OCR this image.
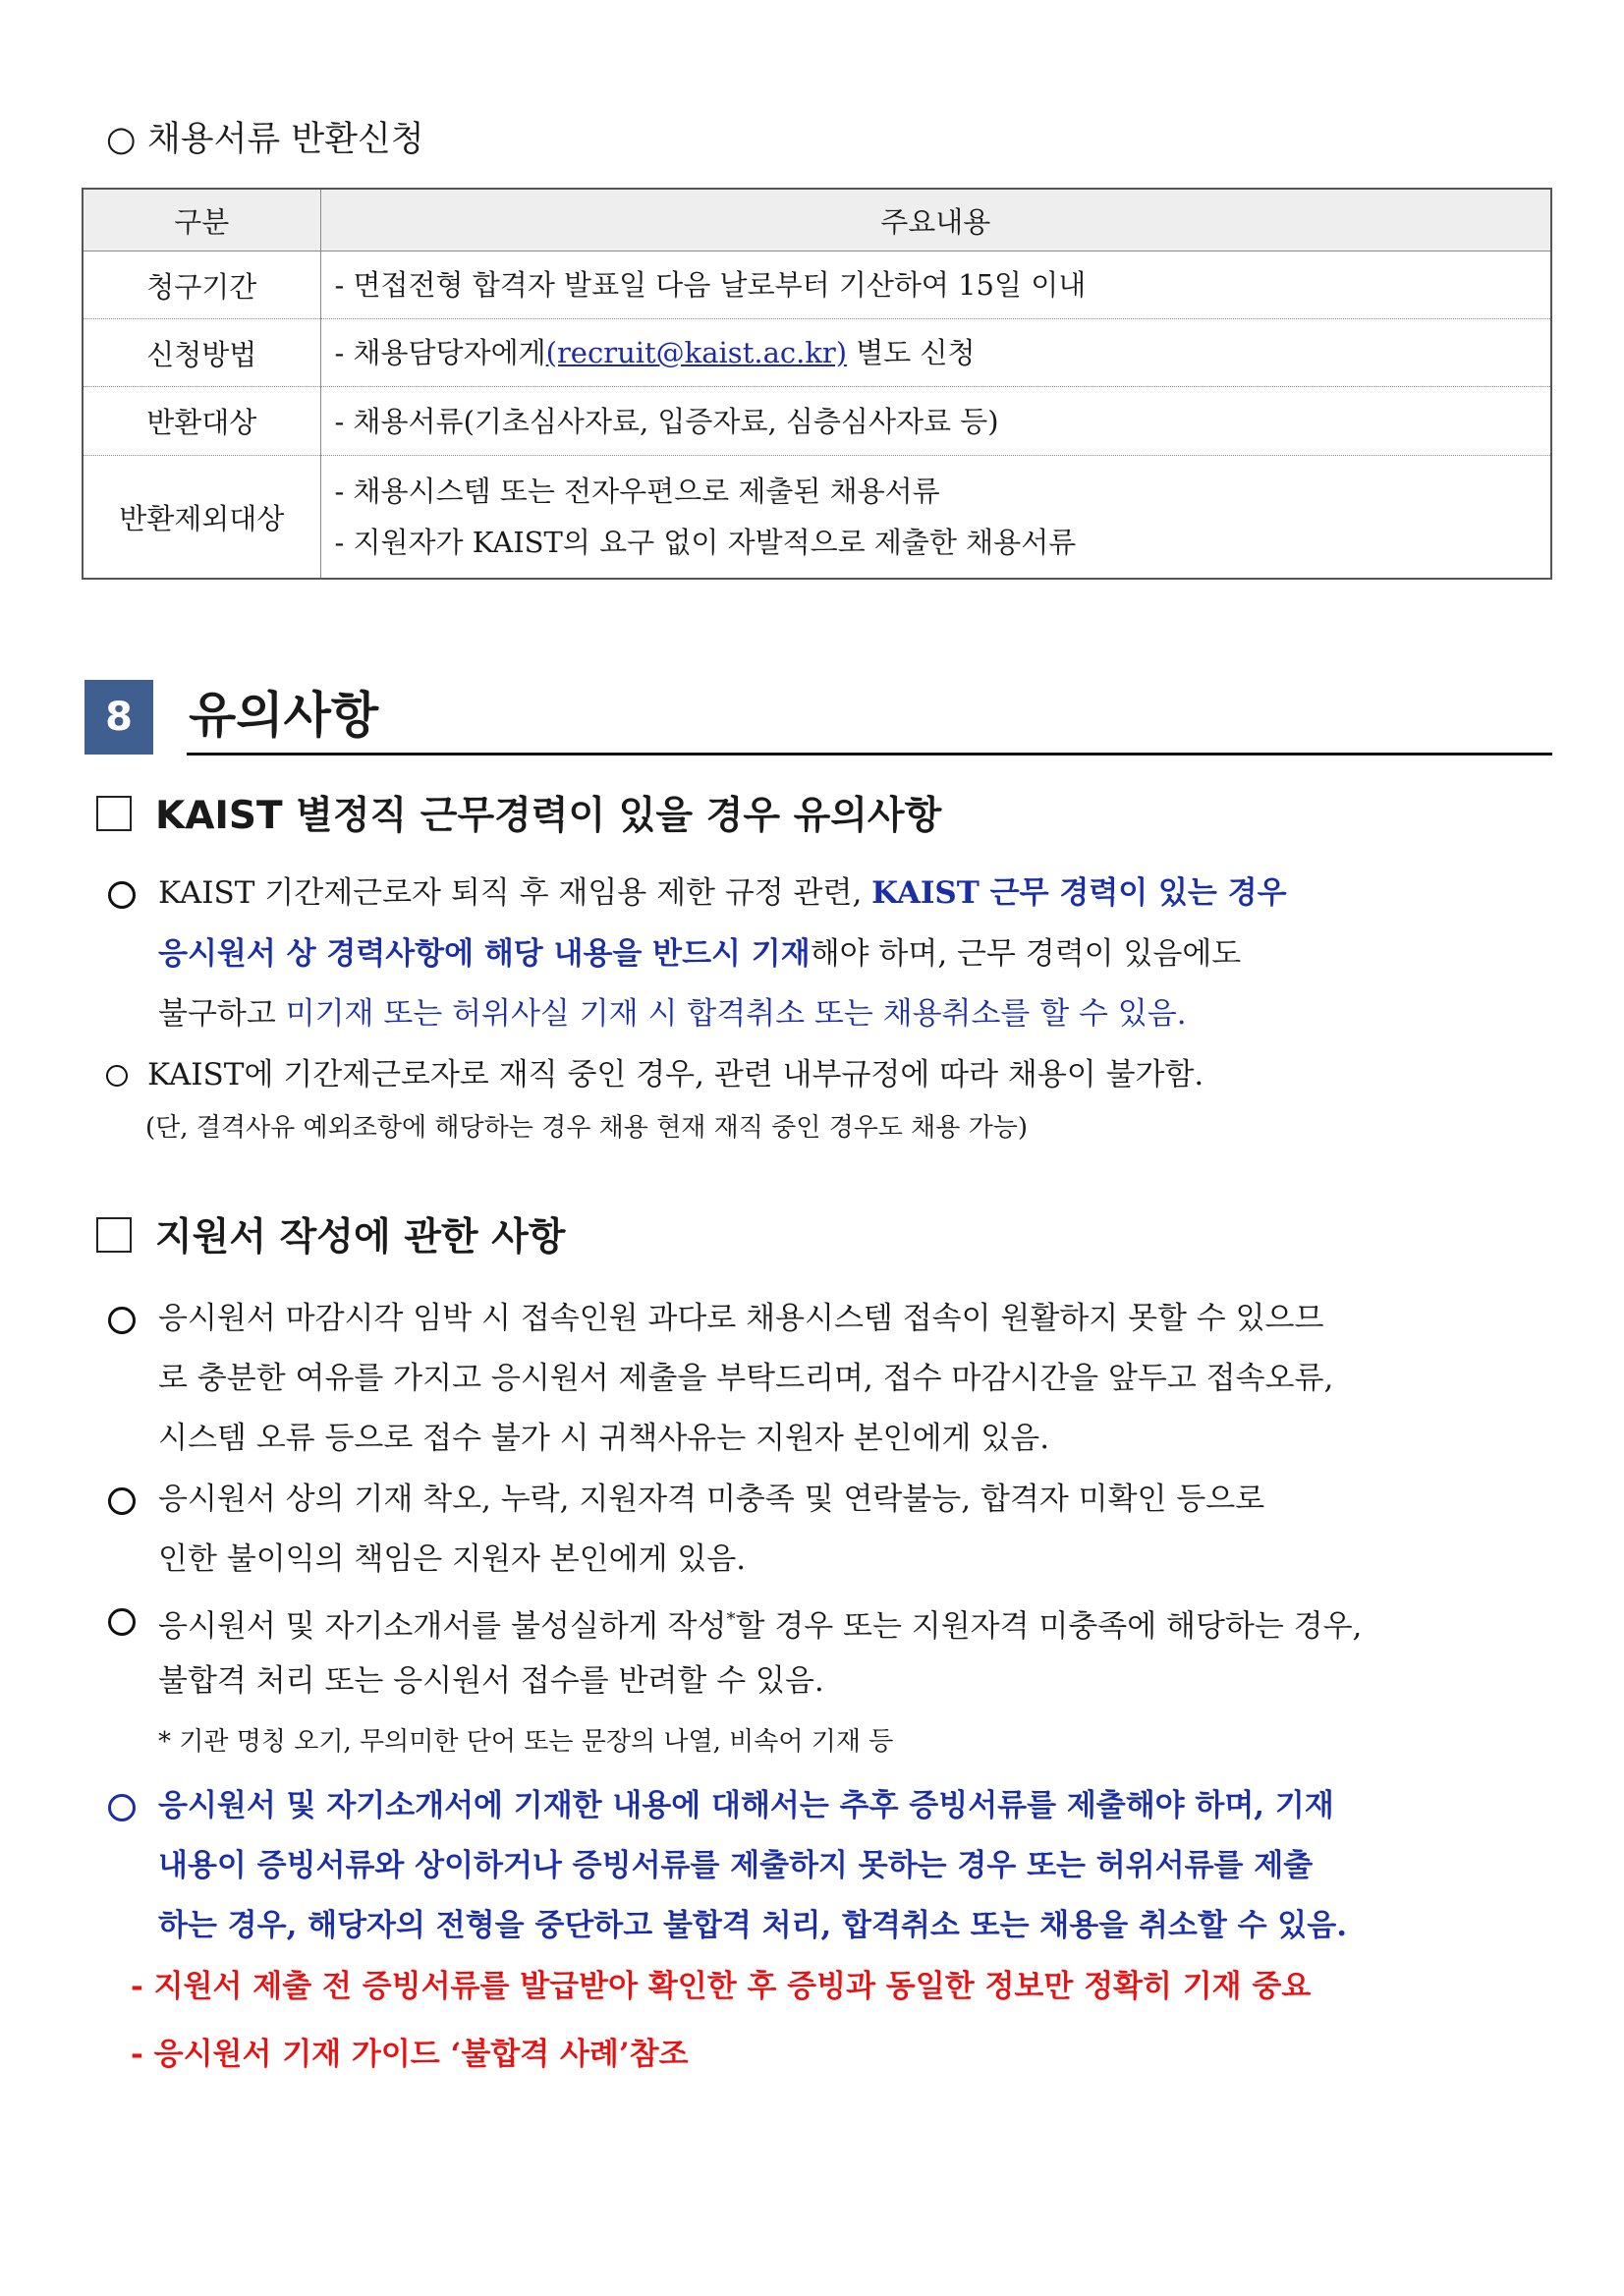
○ 채용서류 반환신청
구분	주요내용
청구기간	- 면접전형 합격자 발표일 다음 날로부터 기산하여 15일 이내
신청방법	- 채용담당자에게(recruit@kaist.ac.kr) 별도 신청
반환대상	- 채용서류(기초심사자료, 입증자료, 심층심사자료 등)
반환제외대상	- 채용시스템 또는 전자우편으로 제출된 채용서류
- 지원자가 KAIST의 요구 없이 자발적으로 제출한 채용서류
8	유의사항
KAIST 별정직 근무경력이 있을 경우 유의사항
KAIST 기간제근로자 퇴직 후 재임용 제한 규정 관련, KAIST 근무 경력이 있는 경우
응시원서 상 경력사항에 해당 내용을 반드시 기재해야 하며, 근무 경력이 있음에도
불구하고 미기재 또는 허위사실 기재 시 합격취소 또는 채용취소를 할 수 있음.
KAIST에 기간제근로자로 재직 중인 경우, 관련 내부규정에 따라 채용이 불가함.
(단, 결격사유 예외조항에 해당하는 경우 채용 현재 재직 중인 경우도 채용 가능)
지원서 작성에 관한 사항
응시원서 마감시각 임박 시 접속인원 과다로 채용시스템 접속이 원활하지 못할 수 있으므
로 충분한 여유를 가지고 응시원서 제출을 부탁드리며, 접수 마감시간을 앞두고 접속오류,
시스템 오류 등으로 접수 불가 시 귀책사유는 지원자 본인에게 있음.
응시원서 상의 기재 착오, 누락, 지원자격 미충족 및 연락불능, 합격자 미확인 등으로
인한 불이익의 책임은 지원자 본인에게 있음.
응시원서 및 자기소개서를 불성실하게 작성*할 경우 또는 지원자격 미충족에 해당하는 경우,
불합격 처리 또는 응시원서 접수를 반려할 수 있음.
* 기관 명칭 오기, 무의미한 단어 또는 문장의 나열, 비속어 기재 등
응시원서 및 자기소개서에 기재한 내용에 대해서는 추후 증빙서류를 제출해야 하며, 기재
내용이 증빙서류와 상이하거나 증빙서류를 제출하지 못하는 경우 또는 허위서류를 제출
하는 경우, 해당자의 전형을 중단하고 불합격 처리, 합격취소 또는 채용을 취소할 수 있음.
- 지원서 제출 전 증빙서류를 발급받아 확인한 후 증빙과 동일한 정보만 정확히 기재 중요
- 응시원서 기재 가이드 ‘불합격 사례’참조
